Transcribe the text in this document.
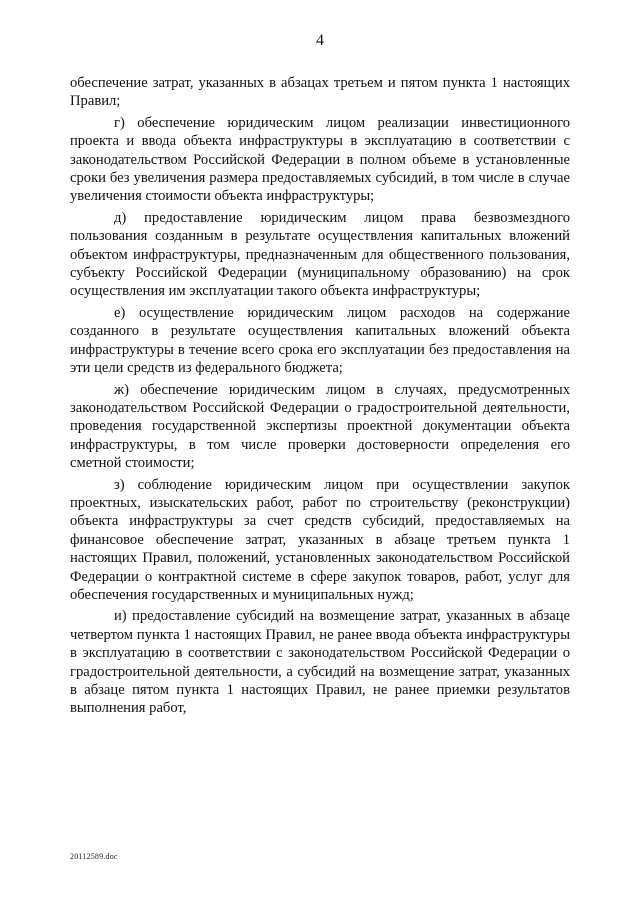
4

обеспечение затрат, указанных в абзацах третьем и пятом пункта 1 настоящих Правил;

г) обеспечение юридическим лицом реализации инвестиционного проекта и ввода объекта инфраструктуры в эксплуатацию в соответствии с законодательством Российской Федерации в полном объеме в установленные сроки без увеличения размера предоставляемых субсидий, в том числе в случае увеличения стоимости объекта инфраструктуры;

д) предоставление юридическим лицом права безвозмездного пользования созданным в результате осуществления капитальных вложений объектом инфраструктуры, предназначенным для общественного пользования, субъекту Российской Федерации (муниципальному образованию) на срок осуществления им эксплуатации такого объекта инфраструктуры;

е) осуществление юридическим лицом расходов на содержание созданного в результате осуществления капитальных вложений объекта инфраструктуры в течение всего срока его эксплуатации без предоставления на эти цели средств из федерального бюджета;

ж) обеспечение юридическим лицом в случаях, предусмотренных законодательством Российской Федерации о градостроительной деятельности, проведения государственной экспертизы проектной документации объекта инфраструктуры, в том числе проверки достоверности определения его сметной стоимости;

з) соблюдение юридическим лицом при осуществлении закупок проектных, изыскательских работ, работ по строительству (реконструкции) объекта инфраструктуры за счет средств субсидий, предоставляемых на финансовое обеспечение затрат, указанных в абзаце третьем пункта 1 настоящих Правил, положений, установленных законодательством Российской Федерации о контрактной системе в сфере закупок товаров, работ, услуг для обеспечения государственных и муниципальных нужд;

и) предоставление субсидий на возмещение затрат, указанных в абзаце четвертом пункта 1 настоящих Правил, не ранее ввода объекта инфраструктуры в эксплуатацию в соответствии с законодательством Российской Федерации о градостроительной деятельности, а субсидий на возмещение затрат, указанных в абзаце пятом пункта 1 настоящих Правил, не ранее приемки результатов выполнения работ,

20112589.doc
